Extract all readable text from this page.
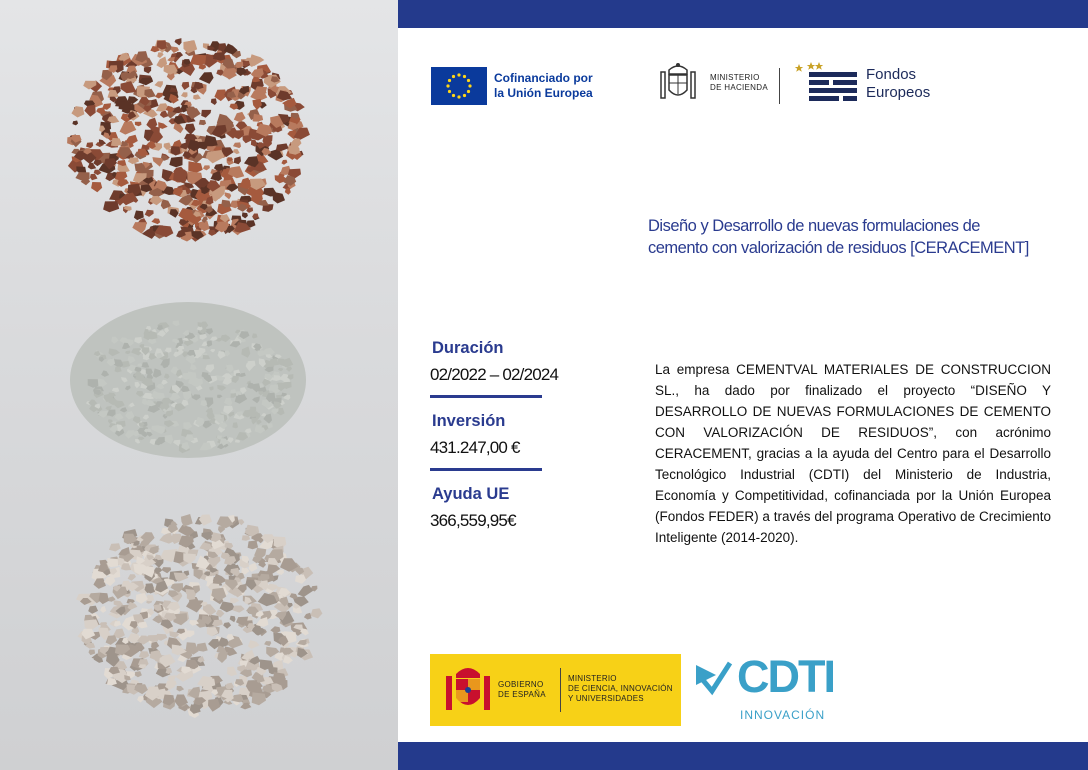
Cofinanciado por
la Unión Europea
MINISTERIO
DE HACIENDA
Fondos
Europeos
Diseño y Desarrollo de nuevas formulaciones de
cemento con valorización de residuos [CERACEMENT]
Duración
02/2022 – 02/2024
Inversión
431.247,00 €
Ayuda UE
366,559,95€
La empresa CEMENTVAL MATERIALES DE CONSTRUCCION SL., ha dado por finalizado el proyecto “DISEÑO Y DESARROLLO DE NUEVAS FORMULACIONES DE CEMENTO CON VALORIZACIÓN DE RESIDUOS”, con acrónimo CERACEMENT, gracias a la ayuda del Centro para el Desarrollo Tecnológico Industrial (CDTI) del Ministerio de Industria, Economía y Competitividad, cofinanciada por la Unión Europea (Fondos FEDER) a través del programa Operativo de Crecimiento Inteligente (2014-2020).
GOBIERNO
DE ESPAÑA
MINISTERIO
DE CIENCIA, INNOVACIÓN
Y UNIVERSIDADES	CDTI
INNOVACIÓN
